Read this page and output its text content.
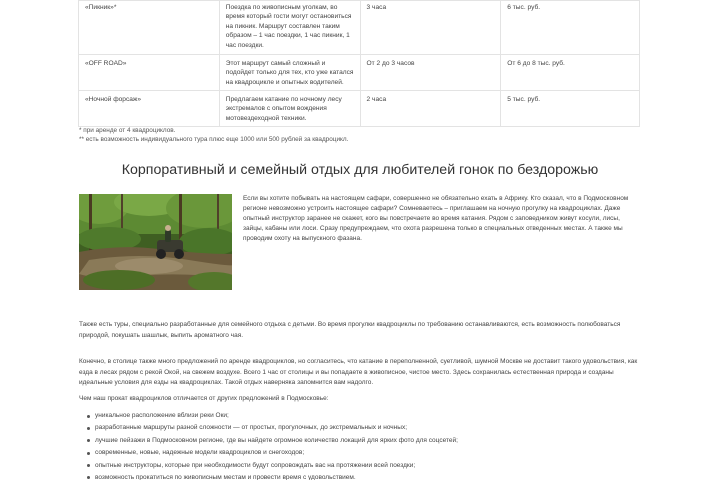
«Пикник»*	Поездка по живописным уголкам, во время который гости могут остановиться на пикник. Маршрут составлен таким образом – 1 час поездки, 1 час пикник, 1 час поездки.	3 часа	6 тыс. руб.
«OFF ROAD»	Этот маршрут самый сложный и подойдет только для тех, кто уже катался на квадроцикле и опытных водителей.	От 2 до 3 часов	От 6 до 8 тыс. руб.
«Ночной форсаж»	Предлагаем катание по ночному лесу экстремалов с опытом вождения мотовездеходной техники.	2 часа	5 тыс. руб.
* при аренде от 4 квадроциклов.
** есть возможность индивидуального тура плюс еще 1000 или 500 рублей за квадроцикл.
Корпоративный и семейный отдых для любителей гонок по бездорожью

Если вы хотите побывать на настоящем сафари, совершенно не обязательно ехать в Африку. Кто сказал, что в Подмосковном регионе невозможно устроить настоящее сафари? Сомневаетесь – приглашаем на ночную прогулку на квадроциклах. Даже опытный инструктор заранее не скажет, кого вы повстречаете во время катания. Рядом с заповедником живут косули, лисы, зайцы, кабаны или лоси. Сразу предупреждаем, что охота разрешена только в специальных отведенных местах. А также мы проводим охоту на выпускного фазана.

Также есть туры, специально разработанные для семейного отдыха с детьми. Во время прогулки квадроциклы по требованию останавливаются, есть возможность полюбоваться природой, покушать шашлык, выпить ароматного чая.

Конечно, в столице также много предложений по аренде квадроциклов, но согласитесь, что катание в переполненной, суетливой, шумной Москве не доставит такого удовольствия, как езда в лесах рядом с рекой Окой, на свежем воздухе. Всего 1 час от столицы и вы попадаете в живописное, чистое место. Здесь сохранилась естественная природа и созданы идеальные условия для езды на квадроциклах. Такой отдых наверняка запомнится вам надолго.

Чем наш прокат квадроциклов отличается от других предложений в Подмосковье:

уникальное расположение вблизи реки Оки;
разработанные маршруты разной сложности — от простых, прогулочных, до экстремальных и ночных;
лучшие пейзажи в Подмосковном регионе, где вы найдете огромное количество локаций для ярких фото для соцсетей;
современные, новые, надежные модели квадроциклов и снегоходов;
опытные инструкторы, которые при необходимости будут сопровождать вас на протяжении всей поездки;
возможность прокатиться по живописным местам и провести время с удовольствием.
